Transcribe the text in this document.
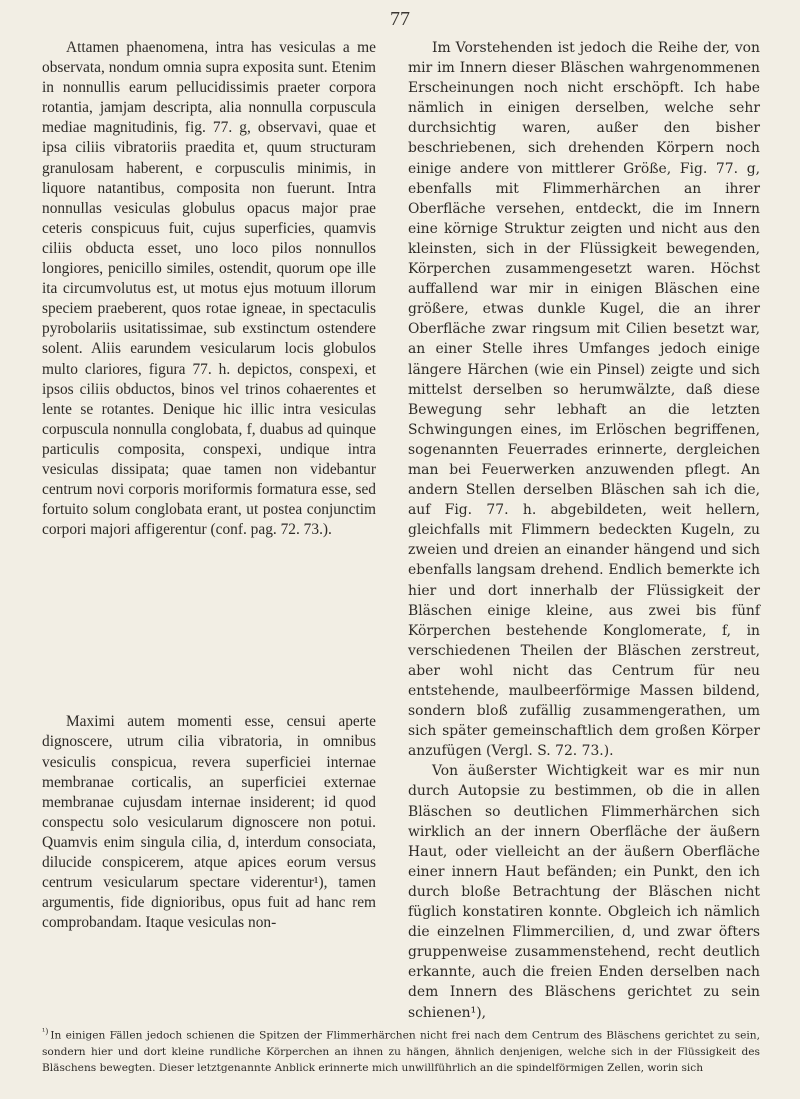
77

Attamen phaenomena, intra has vesiculas a me observata, nondum omnia supra exposita sunt. Etenim in nonnullis earum pellucidissimis praeter corpora rotantia, jamjam descripta, alia nonnulla corpuscula mediae magnitudinis, fig. 77. g, observavi, quae et ipsa ciliis vibratoriis praedita et, quum structuram granulosam haberent, e corpusculis minimis, in liquore natantibus, composita non fuerunt. Intra nonnullas vesiculas globulus opacus major prae ceteris conspicuus fuit, cujus superficies, quamvis ciliis obducta esset, uno loco pilos nonnullos longiores, penicillo similes, ostendit, quorum ope ille ita circumvolutus est, ut motus ejus motuum illorum speciem praeberent, quos rotae igneae, in spectaculis pyrobolariis usitatissimae, sub exstinctum ostendere solent. Aliis earundem vesicularum locis globulos multo clariores, figura 77. h. depictos, conspexi, et ipsos ciliis obductos, binos vel trinos cohaerentes et lente se rotantes. Denique hic illic intra vesiculas corpuscula nonnulla conglobata, f, duabus ad quinque particulis composita, conspexi, undique intra vesiculas dissipata; quae tamen non videbantur centrum novi corporis moriformis formatura esse, sed fortuito solum conglobata erant, ut postea conjunctim corpori majori affigerentur (conf. pag. 72. 73.).

Maximi autem momenti esse, censui aperte dignoscere, utrum cilia vibratoria, in omnibus vesiculis conspicua, revera superficiei internae membranae corticalis, an superficiei externae membranae cujusdam internae insiderent; id quod conspectu solo vesicularum dignoscere non potui. Quamvis enim singula cilia, d, interdum consociata, dilucide conspicerem, atque apices eorum versus centrum vesicularum spectare viderentur¹), tamen argumentis, fide dignioribus, opus fuit ad hanc rem comprobandam. Itaque vesiculas non-

Im Vorstehenden ist jedoch die Reihe der, von mir im Innern dieser Bläschen wahrgenommenen Erscheinungen noch nicht erschöpft. Ich habe nämlich in einigen derselben, welche sehr durchsichtig waren, außer den bisher beschriebenen, sich drehenden Körpern noch einige andere von mittlerer Größe, Fig. 77. g, ebenfalls mit Flimmerhärchen an ihrer Oberfläche versehen, entdeckt, die im Innern eine körnige Struktur zeigten und nicht aus den kleinsten, sich in der Flüssigkeit bewegenden, Körperchen zusammengesetzt waren. Höchst auffallend war mir in einigen Bläschen eine größere, etwas dunkle Kugel, die an ihrer Oberfläche zwar ringsum mit Cilien besetzt war, an einer Stelle ihres Umfanges jedoch einige längere Härchen (wie ein Pinsel) zeigte und sich mittelst derselben so herumwälzte, daß diese Bewegung sehr lebhaft an die letzten Schwingungen eines, im Erlöschen begriffenen, sogenannten Feuerrades erinnerte, dergleichen man bei Feuerwerken anzuwenden pflegt. An andern Stellen derselben Bläschen sah ich die, auf Fig. 77. h. abgebildeten, weit hellern, gleichfalls mit Flimmern bedeckten Kugeln, zu zweien und dreien an einander hängend und sich ebenfalls langsam drehend. Endlich bemerkte ich hier und dort innerhalb der Flüssigkeit der Bläschen einige kleine, aus zwei bis fünf Körperchen bestehende Konglomerate, f, in verschiedenen Theilen der Bläschen zerstreut, aber wohl nicht das Centrum für neu entstehende, maulbeerförmige Massen bildend, sondern bloß zufällig zusammengerathen, um sich später gemeinschaftlich dem großen Körper anzufügen (Vergl. S. 72. 73.).

Von äußerster Wichtigkeit war es mir nun durch Autopsie zu bestimmen, ob die in allen Bläschen so deutlichen Flimmerhärchen sich wirklich an der innern Oberfläche der äußern Haut, oder vielleicht an der äußern Oberfläche einer innern Haut befänden; ein Punkt, den ich durch bloße Betrachtung der Bläschen nicht füglich konstatiren konnte. Obgleich ich nämlich die einzelnen Flimmercilien, d, und zwar öfters gruppenweise zusammenstehend, recht deutlich erkannte, auch die freien Enden derselben nach dem Innern des Bläschens gerichtet zu sein schienen¹),

$^{^1)}$ In einigen Fällen jedoch schienen die Spitzen der Flimmerhärchen nicht frei nach dem Centrum des Bläschens gerichtet zu sein, sondern hier und dort kleine rundliche Körperchen an ihnen zu hängen, ähnlich denjenigen, welche sich in der Flüssigkeit des Bläschens bewegten. Dieser letztgenannte Anblick erinnerte mich unwillführlich an die spindelförmigen Zellen, worin sich
